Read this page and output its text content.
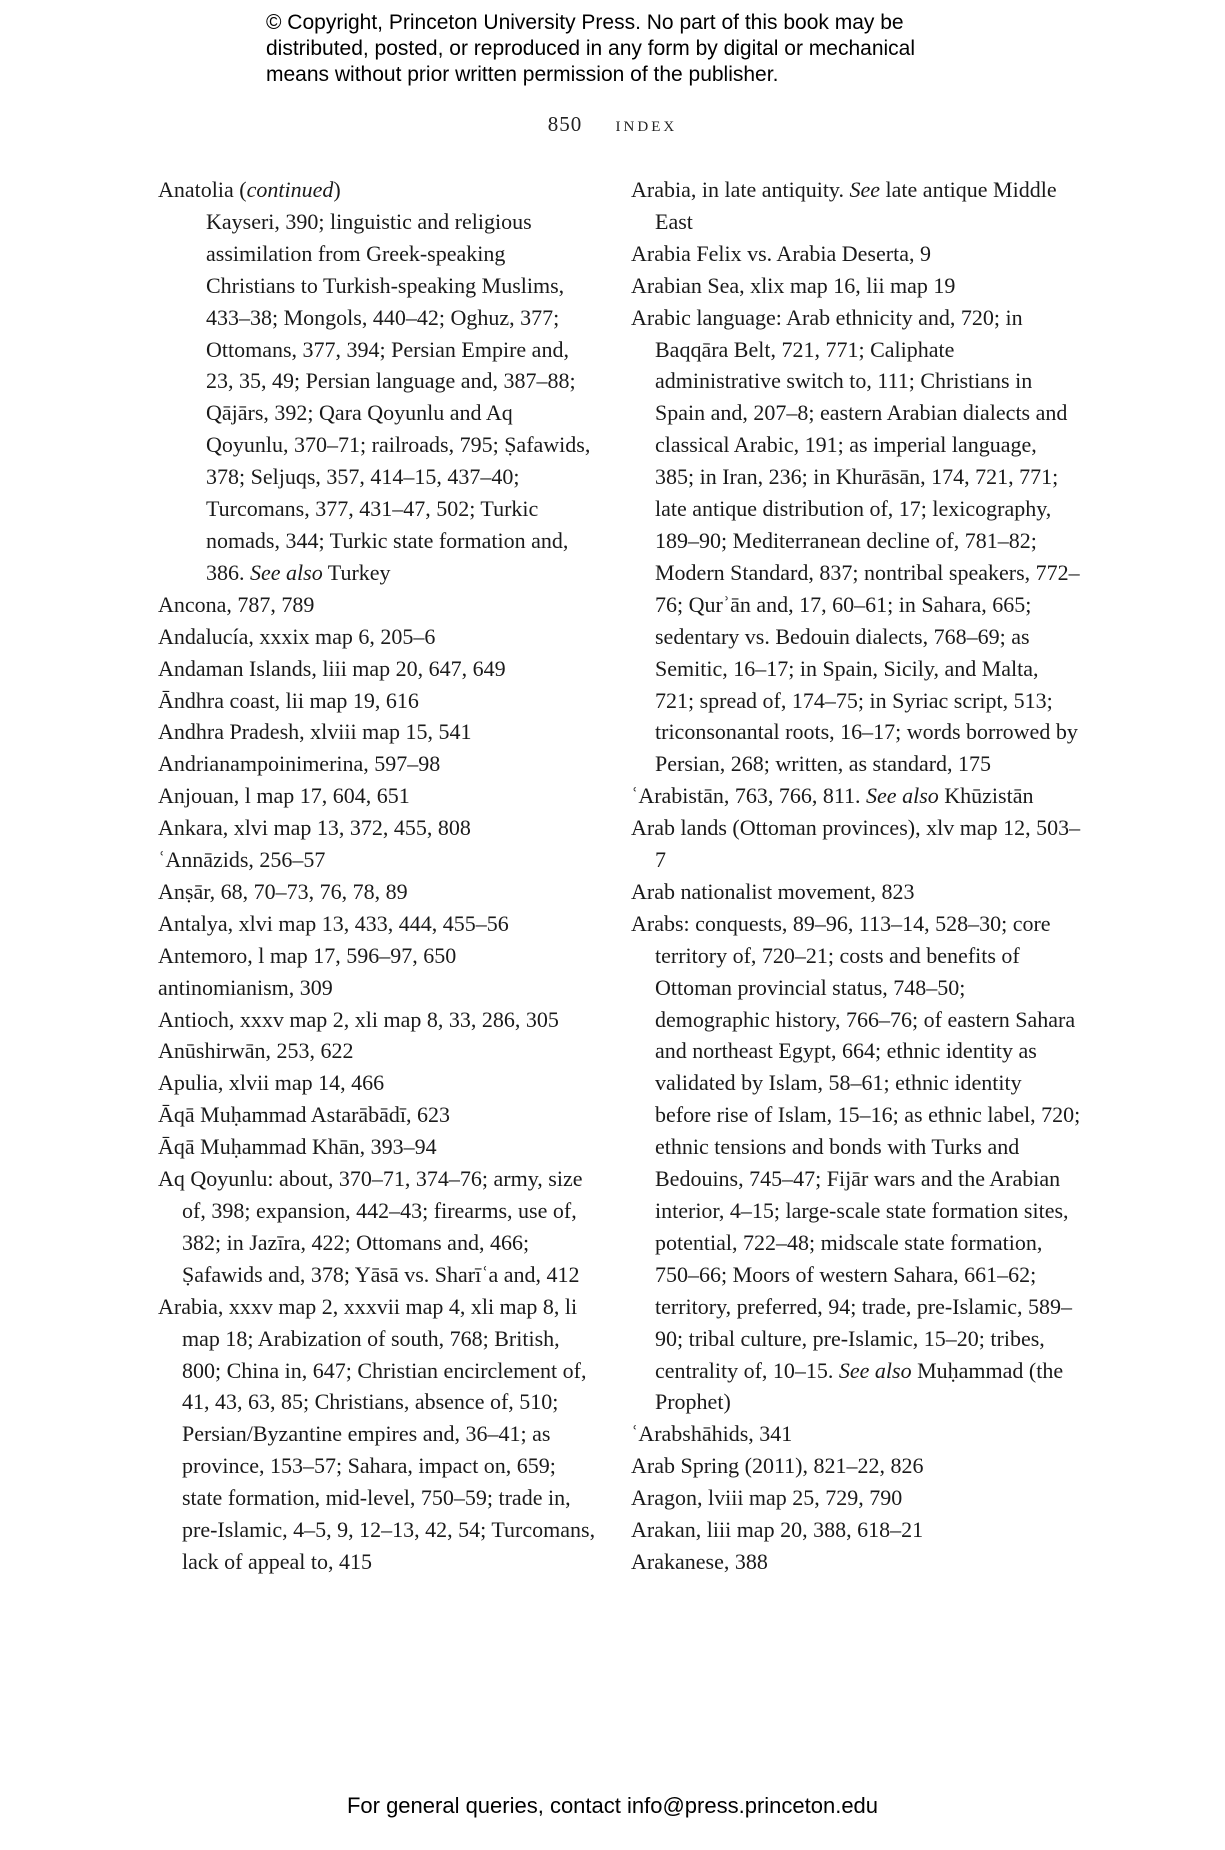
© Copyright, Princeton University Press. No part of this book may be
distributed, posted, or reproduced in any form by digital or mechanical
means without prior written permission of the publisher.
850 index
Anatolia (continued)
Kayseri, 390; linguistic and religious assimilation from Greek-speaking Christians to Turkish-speaking Muslims, 433–38; Mongols, 440–42; Oghuz, 377; Ottomans, 377, 394; Persian Empire and, 23, 35, 49; Persian language and, 387–88; Qājārs, 392; Qara Qoyunlu and Aq Qoyunlu, 370–71; railroads, 795; Ṣafawids, 378; Seljuqs, 357, 414–15, 437–40; Turcomans, 377, 431–47, 502; Turkic nomads, 344; Turkic state formation and, 386. See also Turkey
Ancona, 787, 789
Andalucía, xxxix map 6, 205–6
Andaman Islands, liii map 20, 647, 649
Āndhra coast, lii map 19, 616
Andhra Pradesh, xlviii map 15, 541
Andrianampoinimerina, 597–98
Anjouan, l map 17, 604, 651
Ankara, xlvi map 13, 372, 455, 808
ʿAnnāzids, 256–57
Anṣār, 68, 70–73, 76, 78, 89
Antalya, xlvi map 13, 433, 444, 455–56
Antemoro, l map 17, 596–97, 650
antinomianism, 309
Antioch, xxxv map 2, xli map 8, 33, 286, 305
Anūshirwān, 253, 622
Apulia, xlvii map 14, 466
Āqā Muḥammad Astarābādī, 623
Āqā Muḥammad Khān, 393–94
Aq Qoyunlu: about, 370–71, 374–76; army, size of, 398; expansion, 442–43; firearms, use of, 382; in Jazīra, 422; Ottomans and, 466; Ṣafawids and, 378; Yāsā vs. Sharīʿa and, 412
Arabia, xxxv map 2, xxxvii map 4, xli map 8, li map 18; Arabization of south, 768; British, 800; China in, 647; Christian encirclement of, 41, 43, 63, 85; Christians, absence of, 510; Persian/Byzantine empires and, 36–41; as province, 153–57; Sahara, impact on, 659; state formation, mid-level, 750–59; trade in, pre-Islamic, 4–5, 9, 12–13, 42, 54; Turcomans, lack of appeal to, 415
Arabia, in late antiquity. See late antique Middle East
Arabia Felix vs. Arabia Deserta, 9
Arabian Sea, xlix map 16, lii map 19
Arabic language: Arab ethnicity and, 720; in Baqqāra Belt, 721, 771; Caliphate administrative switch to, 111; Christians in Spain and, 207–8; eastern Arabian dialects and classical Arabic, 191; as imperial language, 385; in Iran, 236; in Khurāsān, 174, 721, 771; late antique distribution of, 17; lexicography, 189–90; Mediterranean decline of, 781–82; Modern Standard, 837; nontribal speakers, 772–76; Qurʾān and, 17, 60–61; in Sahara, 665; sedentary vs. Bedouin dialects, 768–69; as Semitic, 16–17; in Spain, Sicily, and Malta, 721; spread of, 174–75; in Syriac script, 513; triconsonantal roots, 16–17; words borrowed by Persian, 268; written, as standard, 175
ʿArabistān, 763, 766, 811. See also Khūzistān
Arab lands (Ottoman provinces), xlv map 12, 503–7
Arab nationalist movement, 823
Arabs: conquests, 89–96, 113–14, 528–30; core territory of, 720–21; costs and benefits of Ottoman provincial status, 748–50; demographic history, 766–76; of eastern Sahara and northeast Egypt, 664; ethnic identity as validated by Islam, 58–61; ethnic identity before rise of Islam, 15–16; as ethnic label, 720; ethnic tensions and bonds with Turks and Bedouins, 745–47; Fijār wars and the Arabian interior, 4–15; large-scale state formation sites, potential, 722–48; midscale state formation, 750–66; Moors of western Sahara, 661–62; territory, preferred, 94; trade, pre-Islamic, 589–90; tribal culture, pre-Islamic, 15–20; tribes, centrality of, 10–15. See also Muḥammad (the Prophet)
ʿArabshāhids, 341
Arab Spring (2011), 821–22, 826
Aragon, lviii map 25, 729, 790
Arakan, liii map 20, 388, 618–21
Arakanese, 388
For general queries, contact info@press.princeton.edu
